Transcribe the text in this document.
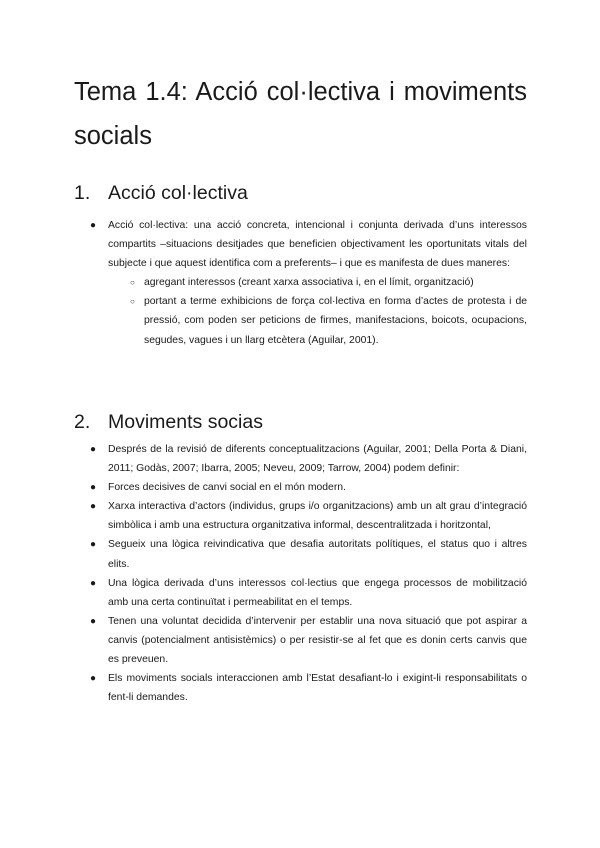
Tema 1.4: Acció col·lectiva i moviments socials
1. Acció col·lectiva
●	Acció col·lectiva: una acció concreta, intencional i conjunta derivada d’uns interessos compartits –situacions desitjades que beneficien objectivament les oportunitats vitals del subjecte i que aquest identifica com a preferents– i que es manifesta de dues maneres:
○ agregant interessos (creant xarxa associativa i, en el límit, organització)
○ portant a terme exhibicions de força col·lectiva en forma d’actes de protesta i de pressió, com poden ser peticions de firmes, manifestacions, boicots, ocupacions, segudes, vagues i un llarg etcètera (Aguilar, 2001).
2. Moviments socias
●	Després de la revisió de diferents conceptualitzacions (Aguilar, 2001; Della Porta & Diani, 2011; Godàs, 2007; Ibarra, 2005; Neveu, 2009; Tarrow, 2004) podem definir:
●	Forces decisives de canvi social en el món modern.
●	Xarxa interactiva d’actors (individus, grups i/o organitzacions) amb un alt grau d’integració simbòlica i amb una estructura organitzativa informal, descentralitzada i horitzontal,
●	Segueix una lògica reivindicativa que desafia autoritats polítiques, el status quo i altres elits.
●	Una lògica derivada d’uns interessos col·lectius que engega processos de mobilització amb una certa continuïtat i permeabilitat en el temps.
●	Tenen una voluntat decidida d’intervenir per establir una nova situació que pot aspirar a canvis (potencialment antisistèmics) o per resistir-se al fet que es donin certs canvis que es preveuen.
●	Els moviments socials interaccionen amb l’Estat desafiant-lo i exigint-li responsabilitats o fent-li demandes.
